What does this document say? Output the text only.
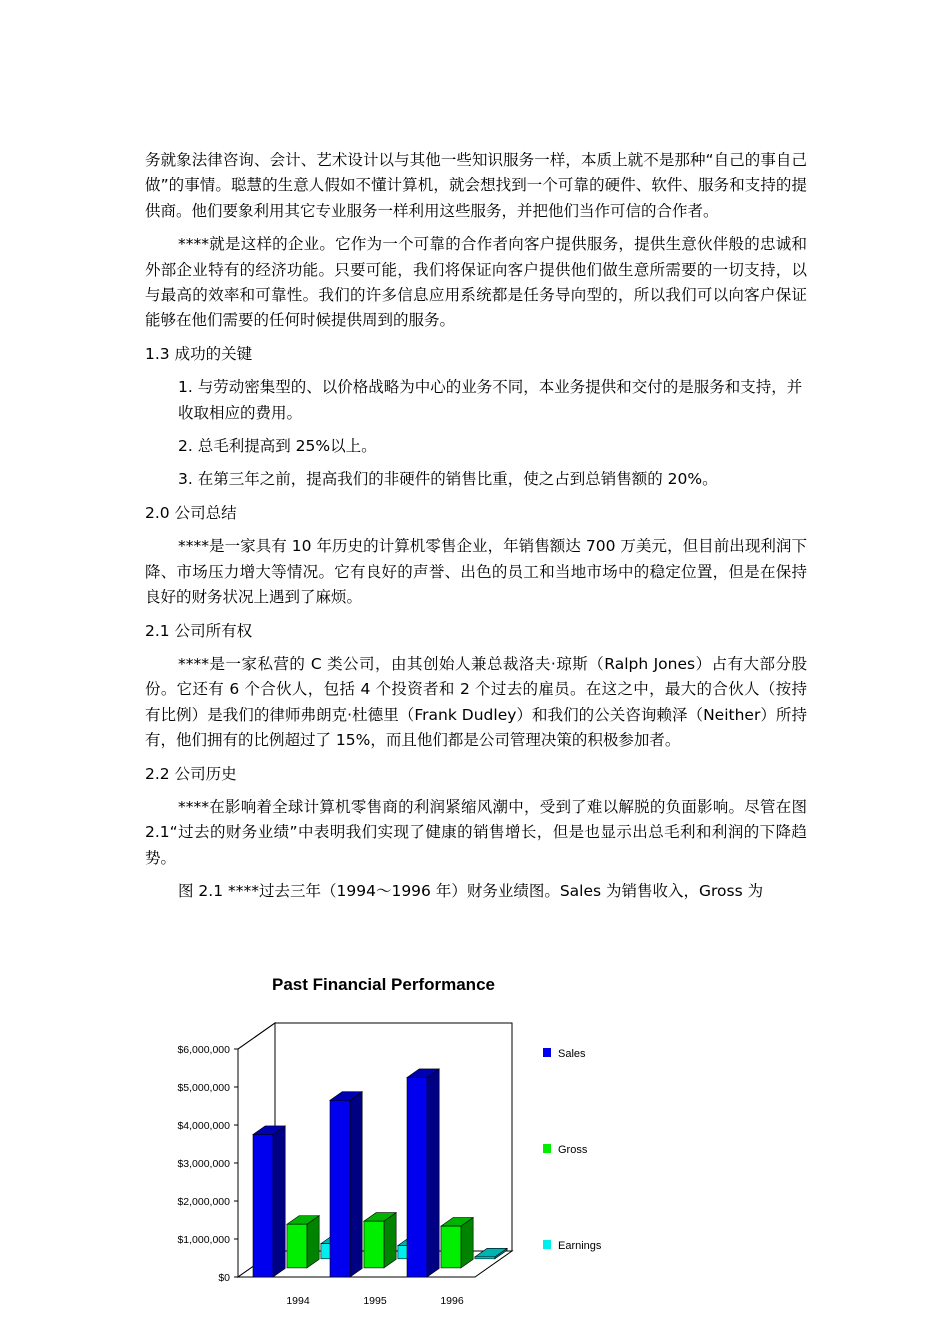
务就象法律咨询、会计、艺术设计以与其他一些知识服务一样，本质上就不是那种“自己的事自己做”的事情。聪慧的生意人假如不懂计算机，就会想找到一个可靠的硬件、软件、服务和支持的提供商。他们要象利用其它专业服务一样利用这些服务，并把他们当作可信的合作者。

****就是这样的企业。它作为一个可靠的合作者向客户提供服务，提供生意伙伴般的忠诚和外部企业特有的经济功能。只要可能，我们将保证向客户提供他们做生意所需要的一切支持，以与最高的效率和可靠性。我们的许多信息应用系统都是任务导向型的，所以我们可以向客户保证能够在他们需要的任何时候提供周到的服务。

1.3 成功的关键

1. 与劳动密集型的、以价格战略为中心的业务不同，本业务提供和交付的是服务和支持，并收取相应的费用。

2. 总毛利提高到 25%以上。

3. 在第三年之前，提高我们的非硬件的销售比重，使之占到总销售额的 20%。

2.0 公司总结

****是一家具有 10 年历史的计算机零售企业，年销售额达 700 万美元，但目前出现利润下降、市场压力增大等情况。它有良好的声誉、出色的员工和当地市场中的稳定位置，但是在保持良好的财务状况上遇到了麻烦。

2.1 公司所有权

****是一家私营的 C 类公司，由其创始人兼总裁洛夫·琼斯（Ralph Jones）占有大部分股份。它还有 6 个合伙人，包括 4 个投资者和 2 个过去的雇员。在这之中，最大的合伙人（按持有比例）是我们的律师弗朗克·杜德里（Frank Dudley）和我们的公关咨询赖泽（Neither）所持有，他们拥有的比例超过了 15%，而且他们都是公司管理决策的积极参加者。

2.2 公司历史

****在影响着全球计算机零售商的利润紧缩风潮中，受到了难以解脱的负面影响。尽管在图 2.1“过去的财务业绩”中表明我们实现了健康的销售增长，但是也显示出总毛利和利润的下降趋势。

图 2.1 ****过去三年（1994～1996 年）财务业绩图。Sales 为销售收入，Gross 为

Past Financial Performance
$0
$1,000,000
$2,000,000
$3,000,000
$4,000,000
$5,000,000
$6,000,000
1994	1995	1996
Sales
Gross
Earnings
